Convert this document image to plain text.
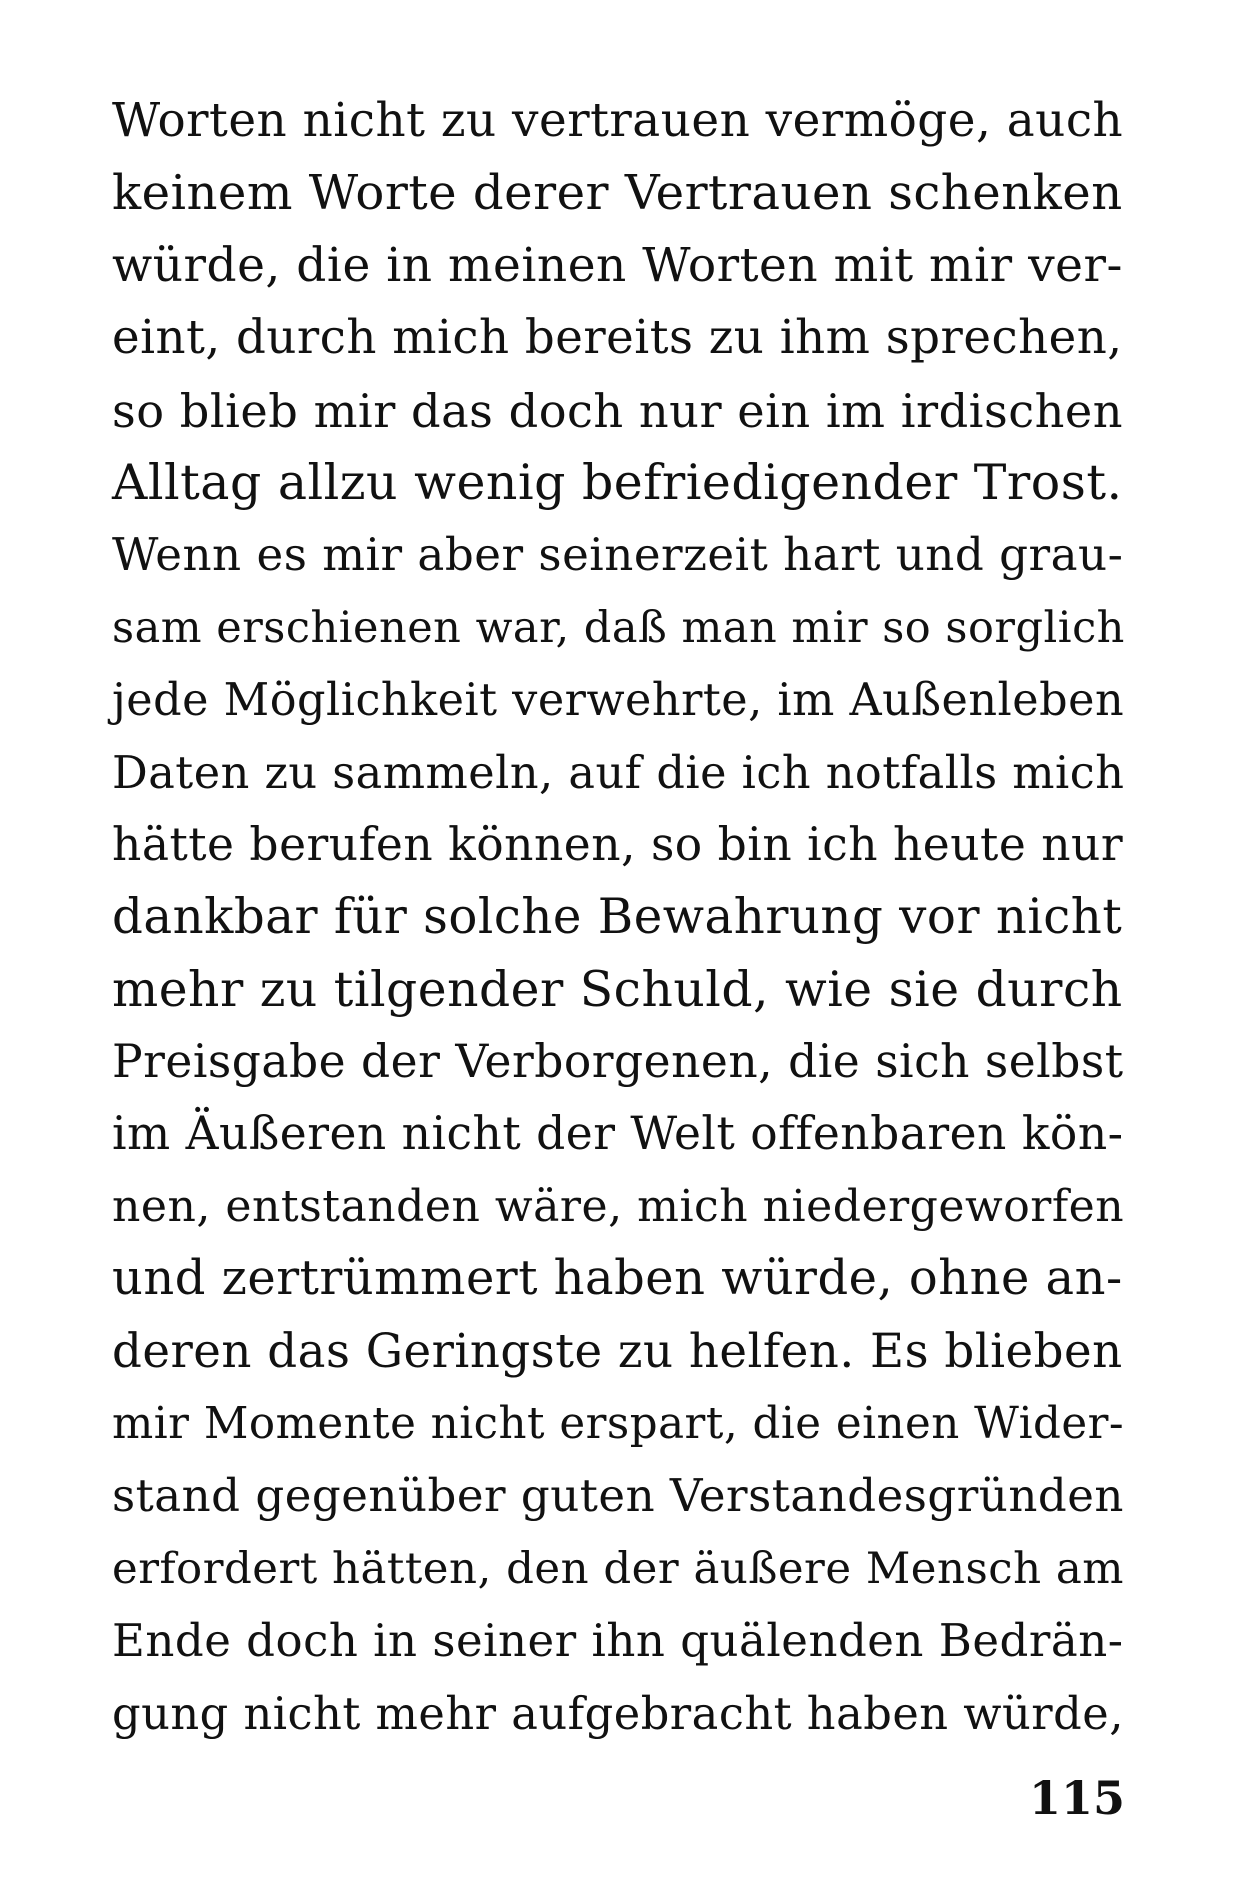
Worten nicht zu vertrauen vermöge, auch
keinem Worte derer Vertrauen schenken
würde, die in meinen Worten mit mir ver-
eint, durch mich bereits zu ihm sprechen,
so blieb mir das doch nur ein im irdischen
Alltag allzu wenig befriedigender Trost.
Wenn es mir aber seinerzeit hart und grau-
sam erschienen war, daß man mir so sorglich
jede Möglichkeit verwehrte, im Außenleben
Daten zu sammeln, auf die ich notfalls mich
hätte berufen können, so bin ich heute nur
dankbar für solche Bewahrung vor nicht
mehr zu tilgender Schuld, wie sie durch
Preisgabe der Verborgenen, die sich selbst
im Äußeren nicht der Welt offenbaren kön-
nen, entstanden wäre, mich niedergeworfen
und zertrümmert haben würde, ohne an-
deren das Geringste zu helfen. Es blieben
mir Momente nicht erspart, die einen Wider-
stand gegenüber guten Verstandesgründen
erfordert hätten, den der äußere Mensch am
Ende doch in seiner ihn quälenden Bedrän-
gung nicht mehr aufgebracht haben würde,
115
